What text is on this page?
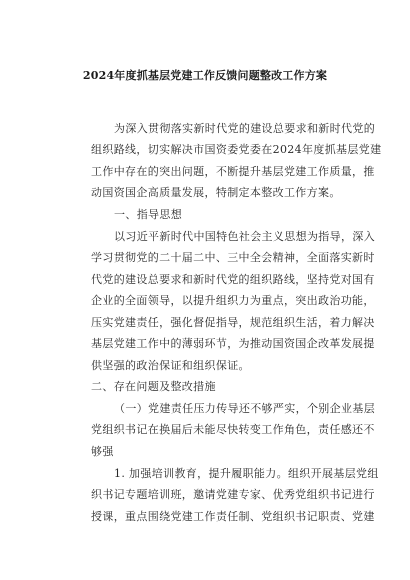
2024年度抓基层党建工作反馈问题整改工作方案
为深入贯彻落实新时代党的建设总要求和新时代党的
组织路线，切实解决市国资委党委在2024年度抓基层党建
工作中存在的突出问题，不断提升基层党建工作质量，推
动国资国企高质量发展，特制定本整改工作方案。
一、指导思想
以习近平新时代中国特色社会主义思想为指导，深入
学习贯彻党的二十届二中、三中全会精神，全面落实新时
代党的建设总要求和新时代党的组织路线，坚持党对国有
企业的全面领导，以提升组织力为重点，突出政治功能，
压实党建责任，强化督促指导，规范组织生活，着力解决
基层党建工作中的薄弱环节，为推动国资国企改革发展提
供坚强的政治保证和组织保证。
二、存在问题及整改措施
（一）党建责任压力传导还不够严实，个别企业基层
党组织书记在换届后未能尽快转变工作角色，责任感还不
够强
1. 加强培训教育，提升履职能力。组织开展基层党组
织书记专题培训班，邀请党建专家、优秀党组织书记进行
授课，重点围绕党建工作责任制、党组织书记职责、党建
